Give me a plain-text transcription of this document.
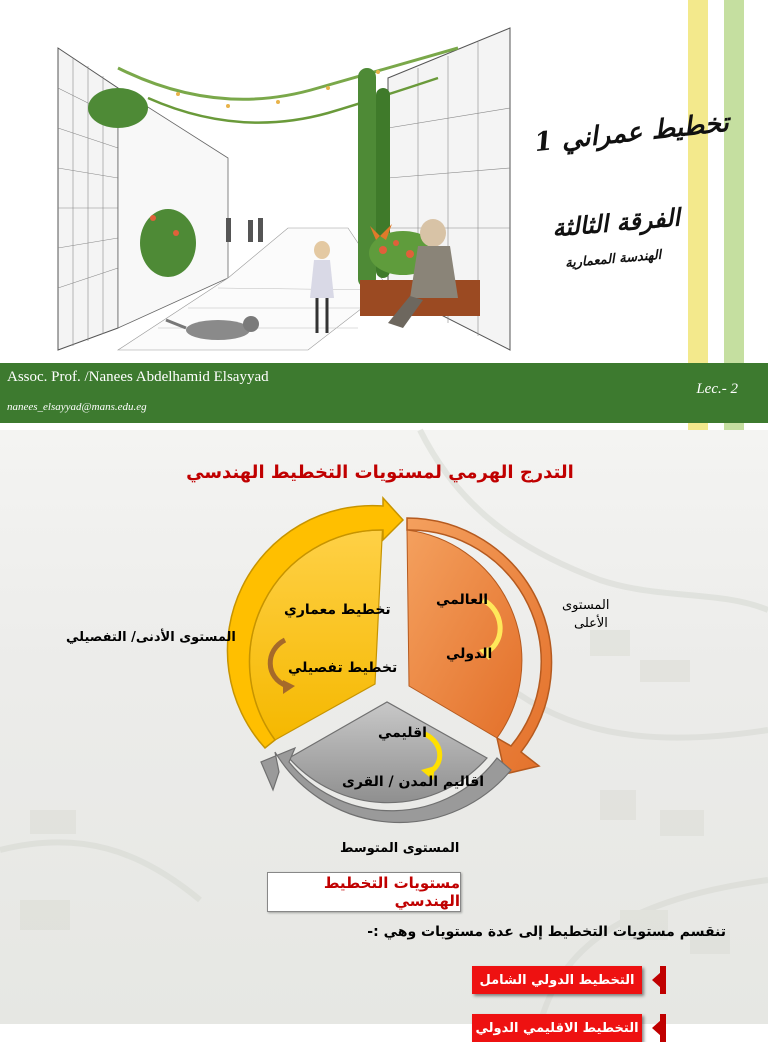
تخطيط عمراني 1
الفرقة الثالثة
الهندسة المعمارية
Assoc. Prof. /Nanees Abdelhamid Elsayyad
nanees_elsayyad@mans.edu.eg
Lec.- 2
التدرج الهرمي لمستويات التخطيط الهندسي
العالمي
الدولي
اقليمي
اقاليم المدن / القرى
تخطيط معماري
تخطيط تفصيلي
المستوى
الأعلى
المستوى الأدنى/ التفصيلي
المستوى المتوسط
مستويات التخطيط الهندسي
تنقسم مستويات التخطيط إلى عدة مستويات وهي :-
التخطيط الدولي الشامل
التخطيط الاقليمي الدولي
